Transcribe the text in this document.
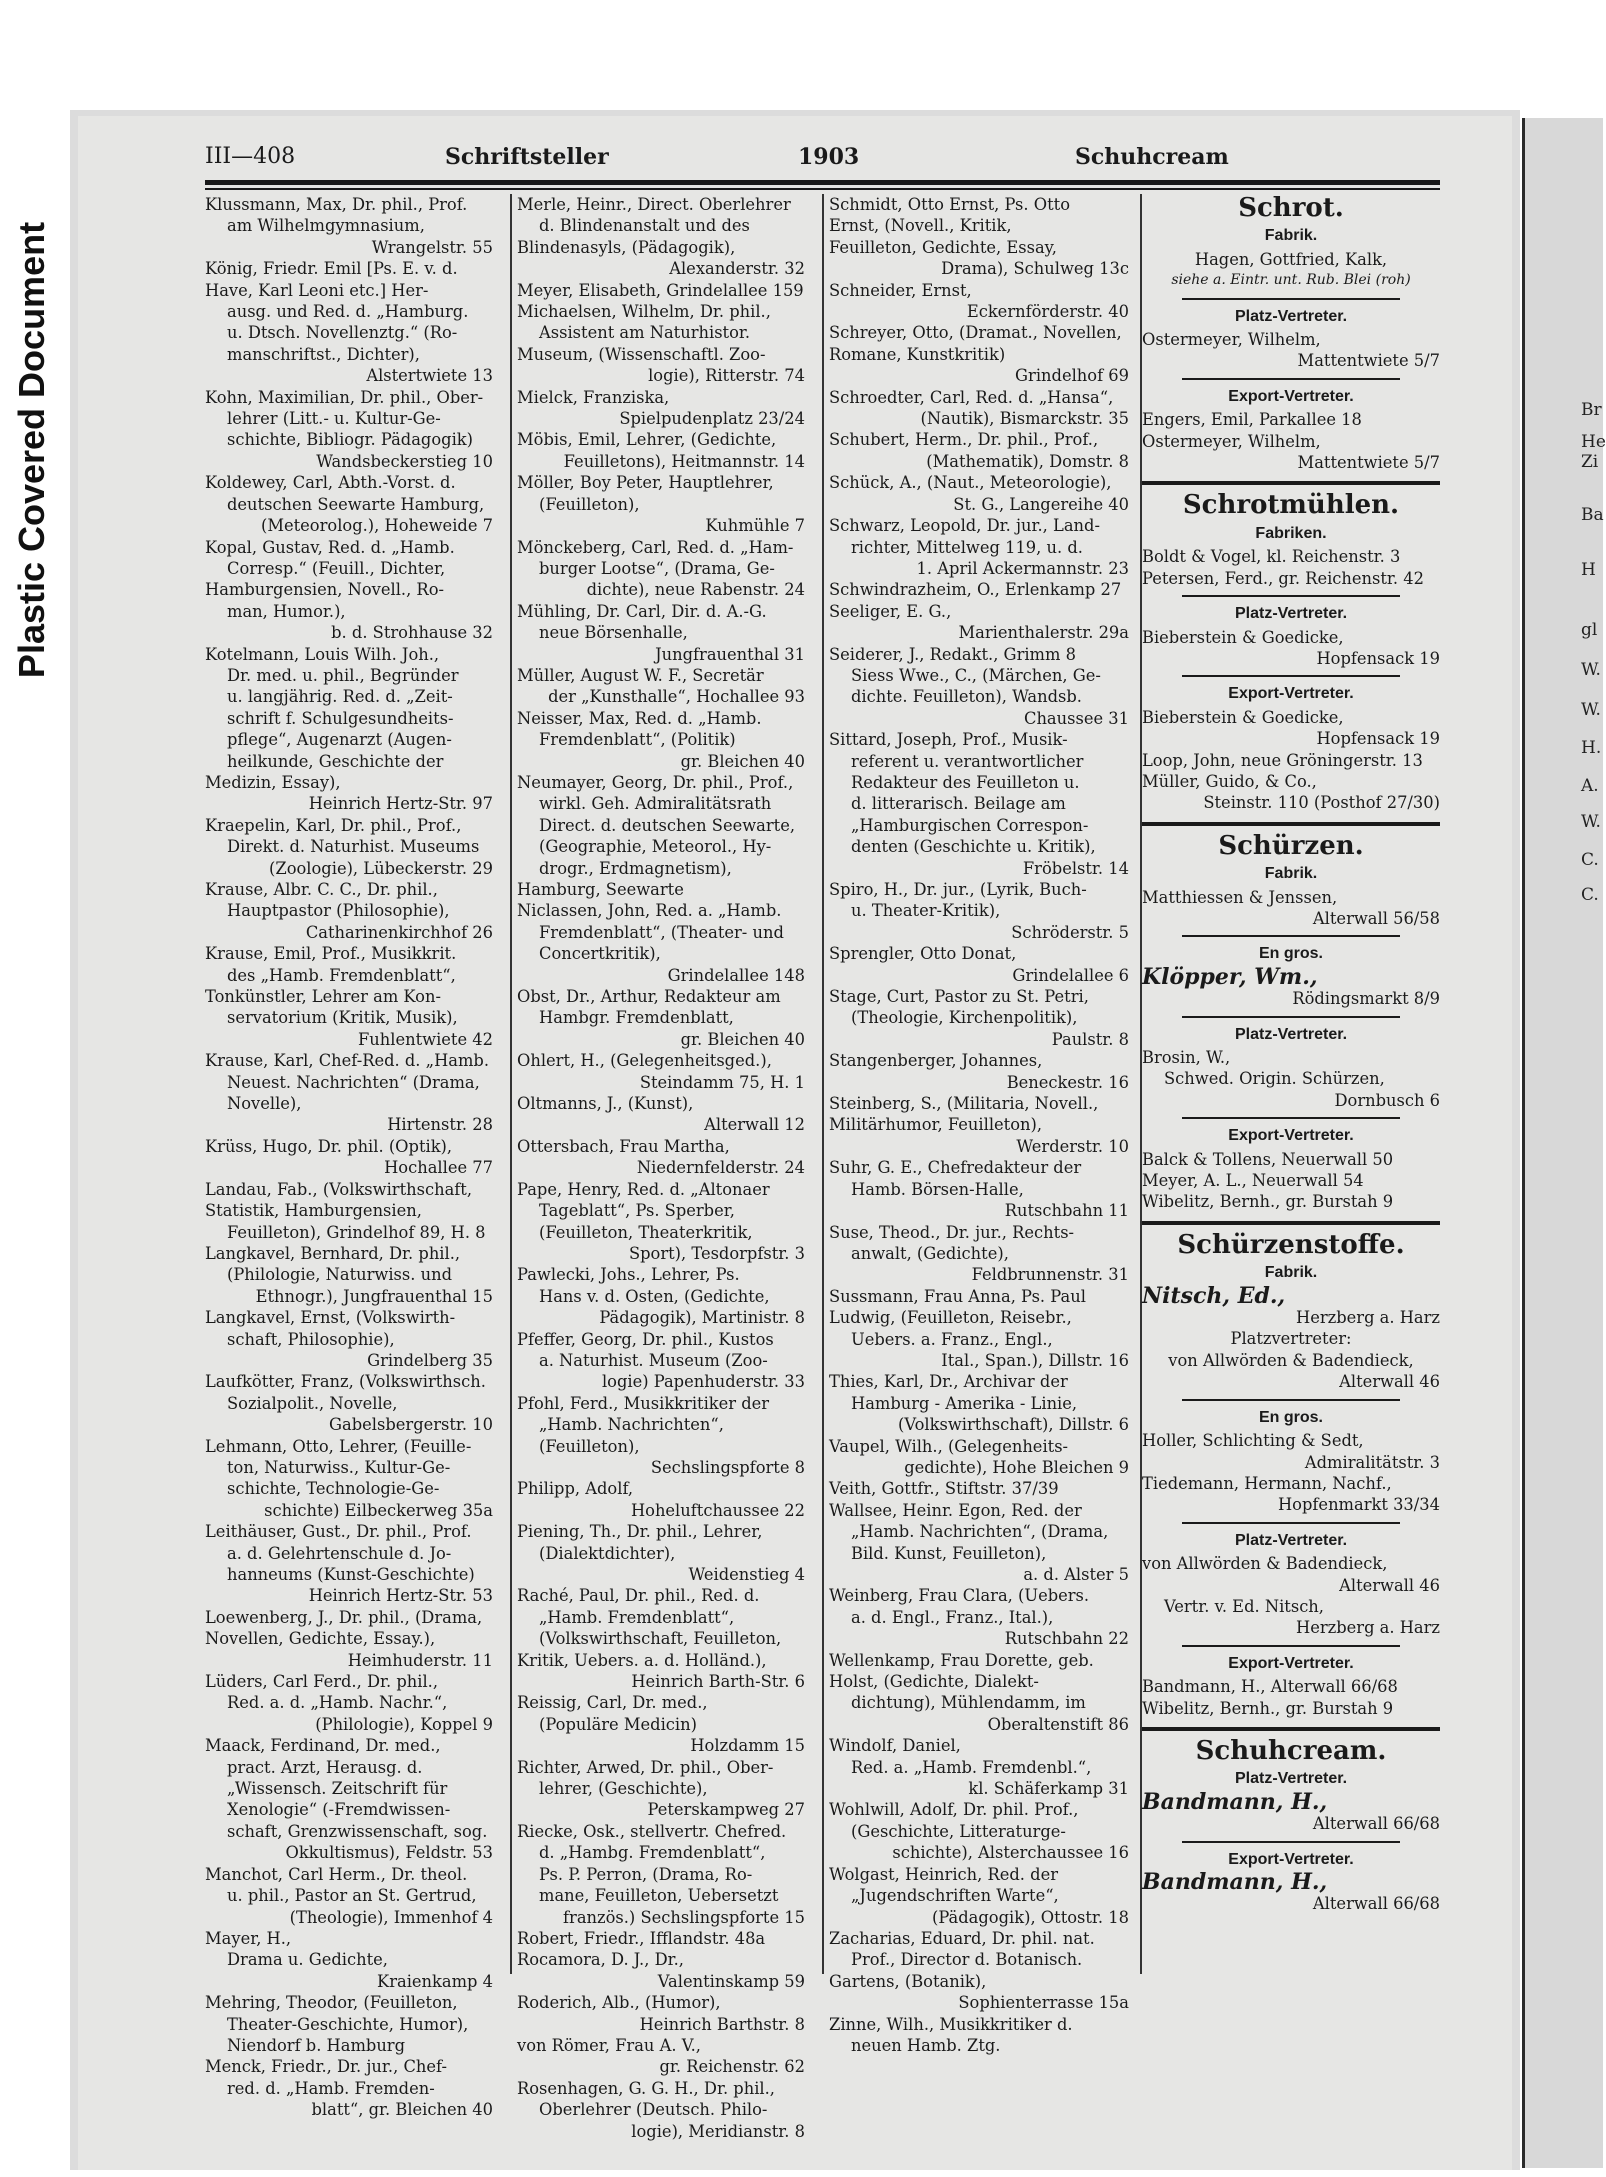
Plastic Covered Document	Br
He
Zi
Ba
H
gl
W.
W.
H.
A.
W.
C.
C.
III—408	Schriftsteller	1903	Schuhcream

Klussmann, Max, Dr. phil., Prof.

am Wilhelmgymnasium,

Wrangelstr. 55

König, Friedr. Emil [Ps. E. v. d.

Have, Karl Leoni etc.] Her-

ausg. und Red. d. „Hamburg.

u. Dtsch. Novellenztg.“ (Ro-

manschriftst., Dichter),

Alstertwiete 13

Kohn, Maximilian, Dr. phil., Ober-

lehrer (Litt.- u. Kultur-Ge-

schichte, Bibliogr. Pädagogik)

Wandsbeckerstieg 10

Koldewey, Carl, Abth.-Vorst. d.

deutschen Seewarte Hamburg,

(Meteorolog.), Hoheweide 7

Kopal, Gustav, Red. d. „Hamb.

Corresp.“ (Feuill., Dichter,

Hamburgensien, Novell., Ro-

man, Humor.),

b. d. Strohhause 32

Kotelmann, Louis Wilh. Joh.,

Dr. med. u. phil., Begründer

u. langjährig. Red. d. „Zeit-

schrift f. Schulgesundheits-

pflege“, Augenarzt (Augen-

heilkunde, Geschichte der

Medizin, Essay),

Heinrich Hertz-Str. 97

Kraepelin, Karl, Dr. phil., Prof.,

Direkt. d. Naturhist. Museums

(Zoologie), Lübeckerstr. 29

Krause, Albr. C. C., Dr. phil.,

Hauptpastor (Philosophie),

Catharinenkirchhof 26

Krause, Emil, Prof., Musikkrit.

des „Hamb. Fremdenblatt“,

Tonkünstler, Lehrer am Kon-

servatorium (Kritik, Musik),

Fuhlentwiete 42

Krause, Karl, Chef-Red. d. „Hamb.

Neuest. Nachrichten“ (Drama,

Novelle),

Hirtenstr. 28

Krüss, Hugo, Dr. phil. (Optik),

Hochallee 77

Landau, Fab., (Volkswirthschaft,

Statistik, Hamburgensien,

Feuilleton), Grindelhof 89, H. 8

Langkavel, Bernhard, Dr. phil.,

(Philologie, Naturwiss. und

Ethnogr.), Jungfrauenthal 15

Langkavel, Ernst, (Volkswirth-

schaft, Philosophie),

Grindelberg 35

Laufkötter, Franz, (Volkswirthsch.

Sozialpolit., Novelle,

Gabelsbergerstr. 10

Lehmann, Otto, Lehrer, (Feuille-

ton, Naturwiss., Kultur-Ge-

schichte, Technologie-Ge-

schichte) Eilbeckerweg 35a

Leithäuser, Gust., Dr. phil., Prof.

a. d. Gelehrtenschule d. Jo-

hanneums (Kunst-Geschichte)

Heinrich Hertz-Str. 53

Loewenberg, J., Dr. phil., (Drama,

Novellen, Gedichte, Essay.),

Heimhuderstr. 11

Lüders, Carl Ferd., Dr. phil.,

Red. a. d. „Hamb. Nachr.“,

(Philologie), Koppel 9

Maack, Ferdinand, Dr. med.,

pract. Arzt, Herausg. d.

„Wissensch. Zeitschrift für

Xenologie“ (-Fremdwissen-

schaft, Grenzwissenschaft, sog.

Okkultismus), Feldstr. 53

Manchot, Carl Herm., Dr. theol.

u. phil., Pastor an St. Gertrud,

(Theologie), Immenhof 4

Mayer, H.,

Drama u. Gedichte,

Kraienkamp 4

Mehring, Theodor, (Feuilleton,

Theater-Geschichte, Humor),

Niendorf b. Hamburg

Menck, Friedr., Dr. jur., Chef-

red. d. „Hamb. Fremden-

blatt“, gr. Bleichen 40

Merle, Heinr., Direct. Oberlehrer

d. Blindenanstalt und des

Blindenasyls, (Pädagogik),

Alexanderstr. 32

Meyer, Elisabeth, Grindelallee 159

Michaelsen, Wilhelm, Dr. phil.,

Assistent am Naturhistor.

Museum, (Wissenschaftl. Zoo-

logie), Ritterstr. 74

Mielck, Franziska,

Spielpudenplatz 23/24

Möbis, Emil, Lehrer, (Gedichte,

Feuilletons), Heitmannstr. 14

Möller, Boy Peter, Hauptlehrer,

(Feuilleton),

Kuhmühle 7

Mönckeberg, Carl, Red. d. „Ham-

burger Lootse“, (Drama, Ge-

dichte), neue Rabenstr. 24

Mühling, Dr. Carl, Dir. d. A.-G.

neue Börsenhalle,

Jungfrauenthal 31

Müller, August W. F., Secretär

der „Kunsthalle“, Hochallee 93

Neisser, Max, Red. d. „Hamb.

Fremdenblatt“, (Politik)

gr. Bleichen 40

Neumayer, Georg, Dr. phil., Prof.,

wirkl. Geh. Admiralitätsrath

Direct. d. deutschen Seewarte,

(Geographie, Meteorol., Hy-

drogr., Erdmagnetism),

Hamburg, Seewarte

Niclassen, John, Red. a. „Hamb.

Fremdenblatt“, (Theater- und

Concertkritik),

Grindelallee 148

Obst, Dr., Arthur, Redakteur am

Hambgr. Fremdenblatt,

gr. Bleichen 40

Ohlert, H., (Gelegenheitsged.),

Steindamm 75, H. 1

Oltmanns, J., (Kunst),

Alterwall 12

Ottersbach, Frau Martha,

Niedernfelderstr. 24

Pape, Henry, Red. d. „Altonaer

Tageblatt“, Ps. Sperber,

(Feuilleton, Theaterkritik,

Sport), Tesdorpfstr. 3

Pawlecki, Johs., Lehrer, Ps.

Hans v. d. Osten, (Gedichte,

Pädagogik), Martinistr. 8

Pfeffer, Georg, Dr. phil., Kustos

a. Naturhist. Museum (Zoo-

logie) Papenhuderstr. 33

Pfohl, Ferd., Musikkritiker der

„Hamb. Nachrichten“,

(Feuilleton),

Sechslingspforte 8

Philipp, Adolf,

Hoheluftchaussee 22

Piening, Th., Dr. phil., Lehrer,

(Dialektdichter),

Weidenstieg 4

Raché, Paul, Dr. phil., Red. d.

„Hamb. Fremdenblatt“,

(Volkswirthschaft, Feuilleton,

Kritik, Uebers. a. d. Holländ.),

Heinrich Barth-Str. 6

Reissig, Carl, Dr. med.,

(Populäre Medicin)

Holzdamm 15

Richter, Arwed, Dr. phil., Ober-

lehrer, (Geschichte),

Peterskampweg 27

Riecke, Osk., stellvertr. Chefred.

d. „Hambg. Fremdenblatt“,

Ps. P. Perron, (Drama, Ro-

mane, Feuilleton, Uebersetzt

französ.) Sechslingspforte 15

Robert, Friedr., Ifflandstr. 48a

Rocamora, D. J., Dr.,

Valentinskamp 59

Roderich, Alb., (Humor),

Heinrich Barthstr. 8

von Römer, Frau A. V.,

gr. Reichenstr. 62

Rosenhagen, G. G. H., Dr. phil.,

Oberlehrer (Deutsch. Philo-

logie), Meridianstr. 8

Schmidt, Otto Ernst, Ps. Otto

Ernst, (Novell., Kritik,

Feuilleton, Gedichte, Essay,

Drama), Schulweg 13c

Schneider, Ernst,

Eckernförderstr. 40

Schreyer, Otto, (Dramat., Novellen,

Romane, Kunstkritik)

Grindelhof 69

Schroedter, Carl, Red. d. „Hansa“,

(Nautik), Bismarckstr. 35

Schubert, Herm., Dr. phil., Prof.,

(Mathematik), Domstr. 8

Schück, A., (Naut., Meteorologie),

St. G., Langereihe 40

Schwarz, Leopold, Dr. jur., Land-

richter, Mittelweg 119, u. d.

1. April Ackermannstr. 23

Schwindrazheim, O., Erlenkamp 27

Seeliger, E. G.,

Marienthalerstr. 29a

Seiderer, J., Redakt., Grimm 8

Siess Wwe., C., (Märchen, Ge-

dichte. Feuilleton), Wandsb.

Chaussee 31

Sittard, Joseph, Prof., Musik-

referent u. verantwortlicher

Redakteur des Feuilleton u.

d. litterarisch. Beilage am

„Hamburgischen Correspon-

denten (Geschichte u. Kritik),

Fröbelstr. 14

Spiro, H., Dr. jur., (Lyrik, Buch-

u. Theater-Kritik),

Schröderstr. 5

Sprengler, Otto Donat,

Grindelallee 6

Stage, Curt, Pastor zu St. Petri,

(Theologie, Kirchenpolitik),

Paulstr. 8

Stangenberger, Johannes,

Beneckestr. 16

Steinberg, S., (Militaria, Novell.,

Militärhumor, Feuilleton),

Werderstr. 10

Suhr, G. E., Chefredakteur der

Hamb. Börsen-Halle,

Rutschbahn 11

Suse, Theod., Dr. jur., Rechts-

anwalt, (Gedichte),

Feldbrunnenstr. 31

Sussmann, Frau Anna, Ps. Paul

Ludwig, (Feuilleton, Reisebr.,

Uebers. a. Franz., Engl.,

Ital., Span.), Dillstr. 16

Thies, Karl, Dr., Archivar der

Hamburg - Amerika - Linie,

(Volkswirthschaft), Dillstr. 6

Vaupel, Wilh., (Gelegenheits-

gedichte), Hohe Bleichen 9

Veith, Gottfr., Stiftstr. 37/39

Wallsee, Heinr. Egon, Red. der

„Hamb. Nachrichten“, (Drama,

Bild. Kunst, Feuilleton),

a. d. Alster 5

Weinberg, Frau Clara, (Uebers.

a. d. Engl., Franz., Ital.),

Rutschbahn 22

Wellenkamp, Frau Dorette, geb.

Holst, (Gedichte, Dialekt-

dichtung), Mühlendamm, im

Oberaltenstift 86

Windolf, Daniel,

Red. a. „Hamb. Fremdenbl.“,

kl. Schäferkamp 31

Wohlwill, Adolf, Dr. phil. Prof.,

(Geschichte, Litteraturge-

schichte), Alsterchaussee 16

Wolgast, Heinrich, Red. der

„Jugendschriften Warte“,

(Pädagogik), Ottostr. 18

Zacharias, Eduard, Dr. phil. nat.

Prof., Director d. Botanisch.

Gartens, (Botanik),

Sophienterrasse 15a

Zinne, Wilh., Musikkritiker d.

neuen Hamb. Ztg.

Schrot.
Fabrik.

Hagen, Gottfried, Kalk,

siehe a. Eintr. unt. Rub. Blei (roh)

Platz-Vertreter.

Ostermeyer, Wilhelm,

Mattentwiete 5/7

Export-Vertreter.

Engers, Emil, Parkallee 18

Ostermeyer, Wilhelm,

Mattentwiete 5/7

Schrotmühlen.
Fabriken.

Boldt & Vogel, kl. Reichenstr. 3

Petersen, Ferd., gr. Reichenstr. 42

Platz-Vertreter.

Bieberstein & Goedicke,

Hopfensack 19

Export-Vertreter.

Bieberstein & Goedicke,

Hopfensack 19

Loop, John, neue Gröningerstr. 13

Müller, Guido, & Co.,

Steinstr. 110 (Posthof 27/30)

Schürzen.
Fabrik.

Matthiessen & Jenssen,

Alterwall 56/58

En gros.

Klöpper, Wm.,

Rödingsmarkt 8/9

Platz-Vertreter.

Brosin, W.,

Schwed. Origin. Schürzen,

Dornbusch 6

Export-Vertreter.

Balck & Tollens, Neuerwall 50

Meyer, A. L., Neuerwall 54

Wibelitz, Bernh., gr. Burstah 9

Schürzenstoffe.
Fabrik.

Nitsch, Ed.,

Herzberg a. Harz

Platzvertreter:

von Allwörden & Badendieck,

Alterwall 46

En gros.

Holler, Schlichting & Sedt,

Admiralitätstr. 3

Tiedemann, Hermann, Nachf.,

Hopfenmarkt 33/34

Platz-Vertreter.

von Allwörden & Badendieck,

Alterwall 46

Vertr. v. Ed. Nitsch,

Herzberg a. Harz

Export-Vertreter.

Bandmann, H., Alterwall 66/68

Wibelitz, Bernh., gr. Burstah 9

Schuhcream.
Platz-Vertreter.

Bandmann, H.,

Alterwall 66/68

Export-Vertreter.

Bandmann, H.,

Alterwall 66/68
